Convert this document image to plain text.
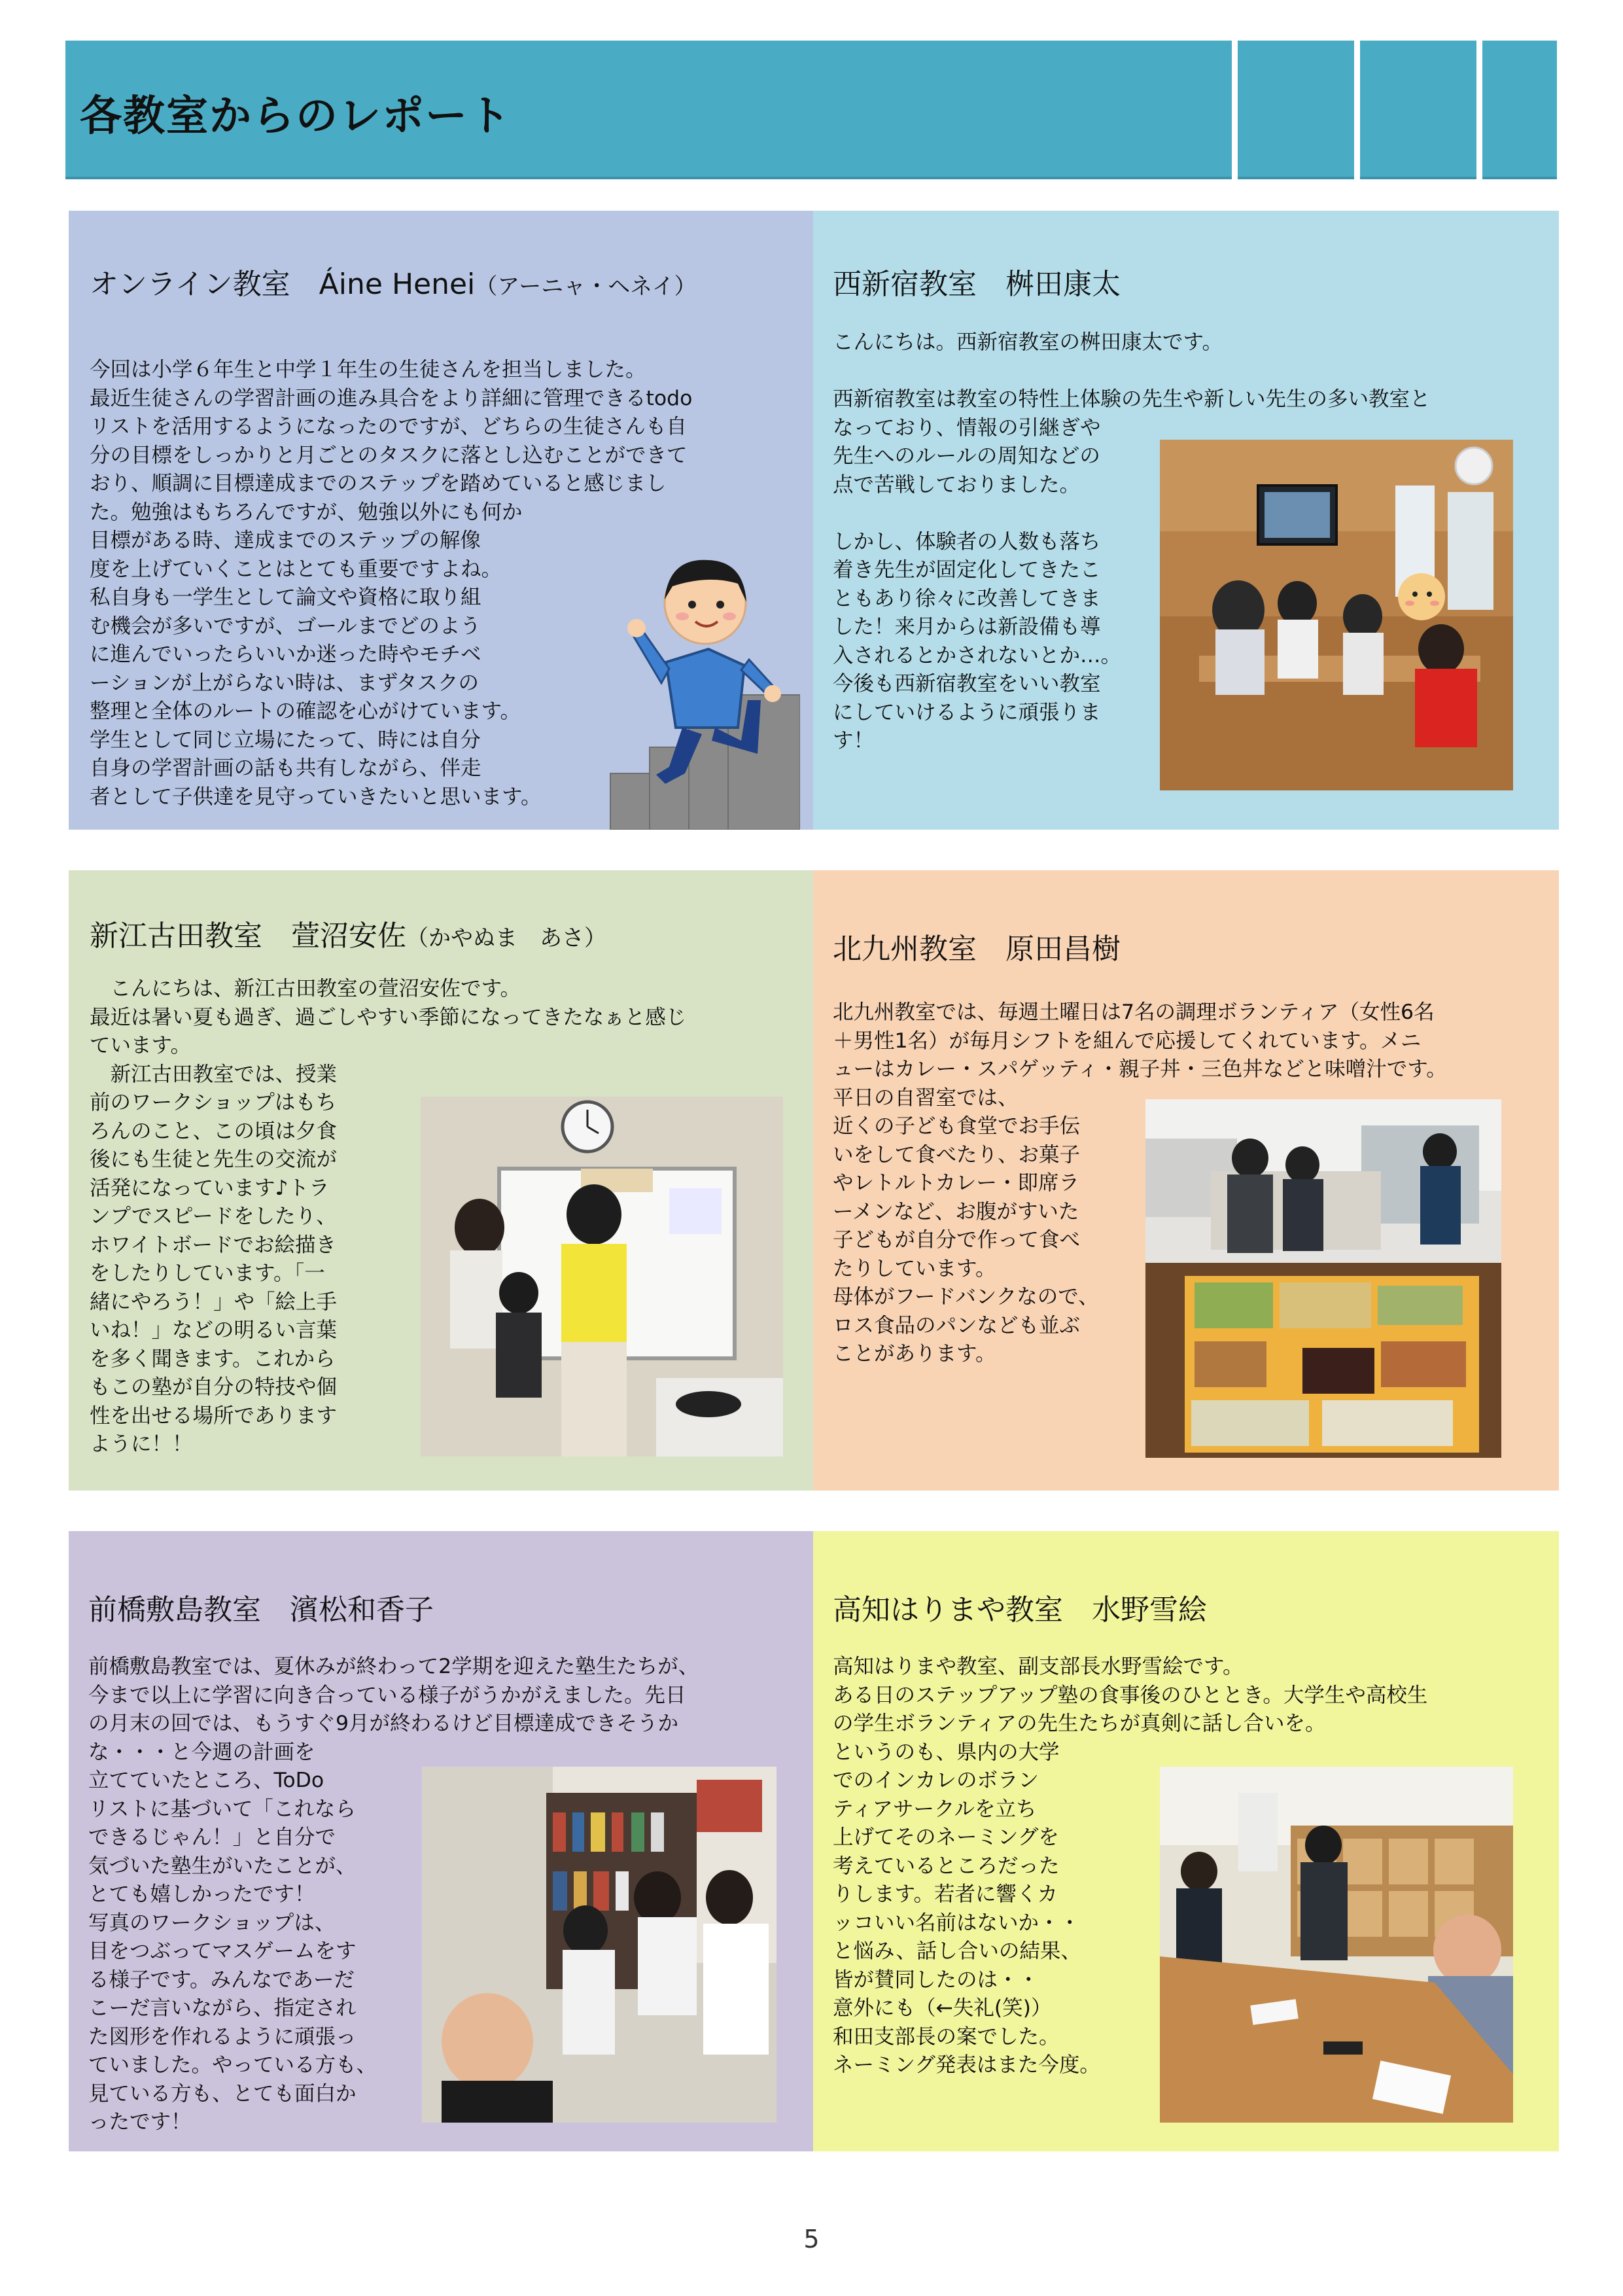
各教室からのレポート
オンライン教室　Áine Henei（アーニャ・ヘネイ）

今回は小学６年生と中学１年生の生徒さんを担当しました。

最近生徒さんの学習計画の進み具合をより詳細に管理できるtodo

リストを活用するようになったのですが、どちらの生徒さんも自

分の目標をしっかりと月ごとのタスクに落とし込むことができて

おり、順調に目標達成までのステップを踏めていると感じまし

た。勉強はもちろんですが、勉強以外にも何か

目標がある時、達成までのステップの解像

度を上げていくことはとても重要ですよね。

私自身も一学生として論文や資格に取り組

む機会が多いですが、ゴールまでどのよう

に進んでいったらいいか迷った時やモチベ

ーションが上がらない時は、まずタスクの

整理と全体のルートの確認を心がけています。

学生として同じ立場にたって、時には自分

自身の学習計画の話も共有しながら、伴走

者として子供達を見守っていきたいと思います。

西新宿教室　桝田康太

こんにちは。西新宿教室の桝田康太です。

西新宿教室は教室の特性上体験の先生や新しい先生の多い教室と

なっており、情報の引継ぎや

先生へのルールの周知などの

点で苦戦しておりました。

しかし、体験者の人数も落ち

着き先生が固定化してきたこ

ともあり徐々に改善してきま

した！来月からは新設備も導

入されるとかされないとか…。

今後も西新宿教室をいい教室

にしていけるように頑張りま

す！

新江古田教室　萱沼安佐（かやぬま　あさ）

　こんにちは、新江古田教室の萱沼安佐です。

最近は暑い夏も過ぎ、過ごしやすい季節になってきたなぁと感じ

ています。

　新江古田教室では、授業

前のワークショップはもち

ろんのこと、この頃は夕食

後にも生徒と先生の交流が

活発になっています♪トラ

ンプでスピードをしたり、

ホワイトボードでお絵描き

をしたりしています。「一

緒にやろう！」や「絵上手

いね！」などの明るい言葉

を多く聞きます。これから

もこの塾が自分の特技や個

性を出せる場所であります

ように！！

北九州教室　原田昌樹

北九州教室では、毎週土曜日は7名の調理ボランティア（女性6名

＋男性1名）が毎月シフトを組んで応援してくれています。メニ

ューはカレー・スパゲッティ・親子丼・三色丼などと味噌汁です。

平日の自習室では、

近くの子ども食堂でお手伝

いをして食べたり、お菓子

やレトルトカレー・即席ラ

ーメンなど、お腹がすいた

子どもが自分で作って食べ

たりしています。

母体がフードバンクなので、

ロス食品のパンなども並ぶ

ことがあります。

前橋敷島教室　濱松和香子

前橋敷島教室では、夏休みが終わって2学期を迎えた塾生たちが、

今まで以上に学習に向き合っている様子がうかがえました。先日

の月末の回では、もうすぐ9月が終わるけど目標達成できそうか

な・・・と今週の計画を

立てていたところ、ToDo

リストに基づいて「これなら

できるじゃん！」と自分で

気づいた塾生がいたことが、

とても嬉しかったです！

写真のワークショップは、

目をつぶってマスゲームをす

る様子です。みんなであーだ

こーだ言いながら、指定され

た図形を作れるように頑張っ

ていました。やっている方も、

見ている方も、とても面白か

ったです！

高知はりまや教室　水野雪絵

高知はりまや教室、副支部長水野雪絵です。

ある日のステップアップ塾の食事後のひととき。大学生や高校生

の学生ボランティアの先生たちが真剣に話し合いを。

というのも、県内の大学

でのインカレのボラン

ティアサークルを立ち

上げてそのネーミングを

考えているところだった

りします。若者に響くカ

ッコいい名前はないか・・

と悩み、話し合いの結果、

皆が賛同したのは・・

意外にも（←失礼(笑)）

和田支部長の案でした。

ネーミング発表はまた今度。

5
